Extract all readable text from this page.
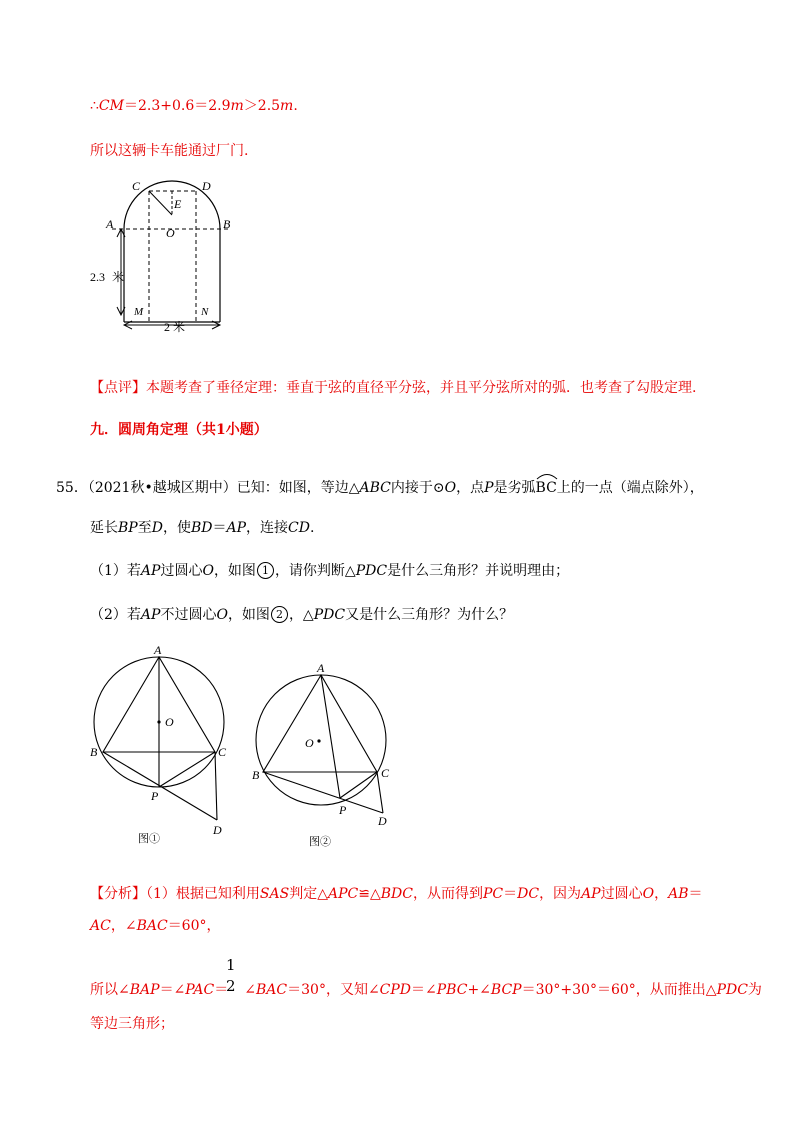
∴CM＝2.3+0.6＝2.9m＞2.5m.
所以这辆卡车能通过厂门.
C	D
E
A
O
B
M	N
2.3 米
2 米
【点评】本题考查了垂径定理：垂直于弦的直径平分弦，并且平分弦所对的弧．也考查了勾股定理.
九．圆周角定理（共1小题）
55．（2021秋•越城区期中）已知：如图，等边△ABC内接于⊙O，点P是劣弧
BC上的一点（端点除外），
延长BP至D，使BD＝AP，连接CD.
（1）若AP过圆心O，如图 1 ，请你判断△PDC是什么三角形？并说明理由；
（2）若AP不过圆心O，如图 2 ，△PDC又是什么三角形？为什么？
A
O
B	C
P
D
图①
A
O
B	C
P
D
图②
【分析】（1）根据已知利用SAS判定△APC≌△BDC，从而得到PC＝DC，因为AP过圆心O，AB＝
AC，∠BAC＝60°，
1
2
所以∠BAP＝∠PAC＝ ∠BAC＝30°，又知∠CPD＝∠PBC+∠BCP＝30°+30°＝60°，从而推出△PDC为
等边三角形；
